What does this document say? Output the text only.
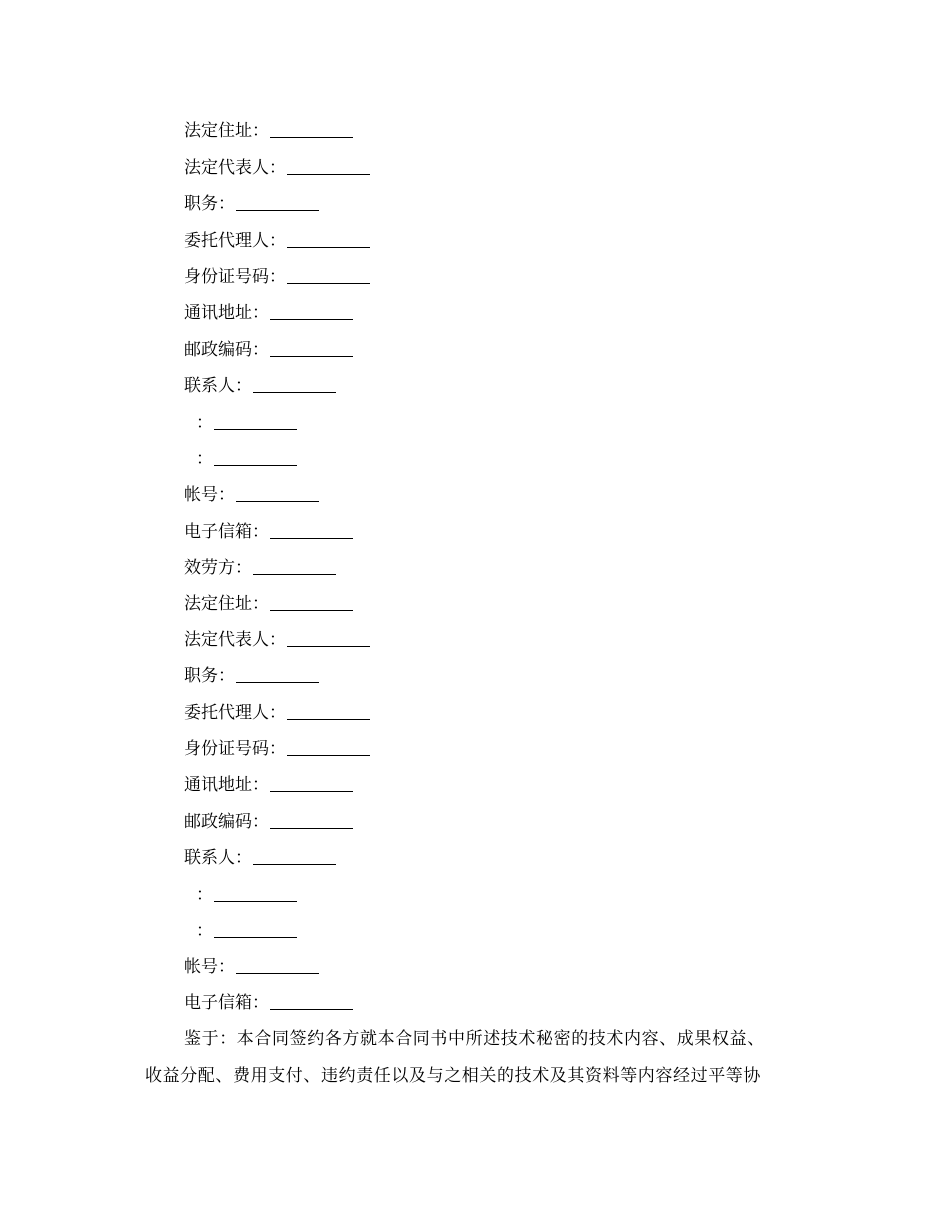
法定住址：
法定代表人：
职务：
委托代理人：
身份证号码：
通讯地址：
邮政编码：
联系人：
：
：
帐号：
电子信箱：
效劳方：
法定住址：
法定代表人：
职务：
委托代理人：
身份证号码：
通讯地址：
邮政编码：
联系人：
：
：
帐号：
电子信箱：
鉴于：本合同签约各方就本合同书中所述技术秘密的技术内容、成果权益、
收益分配、费用支付、违约责任以及与之相关的技术及其资料等内容经过平等协
